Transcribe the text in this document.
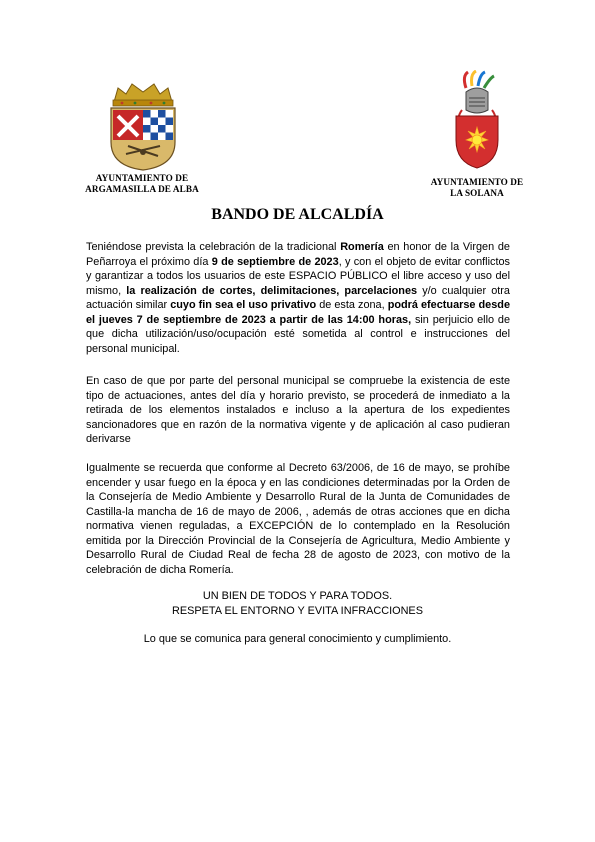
AYUNTAMIENTO DE
ARGAMASILLA DE ALBA
AYUNTAMIENTO DE
LA SOLANA
BANDO DE ALCALDÍA
Teniéndose prevista la celebración de la tradicional Romería en honor de la Virgen de Peñarroya el próximo día 9 de septiembre de 2023, y con el objeto de evitar conflictos y garantizar a todos los usuarios de este ESPACIO PÚBLICO el libre acceso y uso del mismo, la realización de cortes, delimitaciones, parcelaciones y/o cualquier otra actuación similar cuyo fin sea el uso privativo de esta zona, podrá efectuarse desde el jueves 7 de septiembre de 2023 a partir de las 14:00 horas, sin perjuicio ello de que dicha utilización/uso/ocupación esté sometida al control e instrucciones del personal municipal.
En caso de que por parte del personal municipal se compruebe la existencia de este tipo de actuaciones, antes del día y horario previsto, se procederá de inmediato a la retirada de los elementos instalados e incluso a la apertura de los expedientes sancionadores que en razón de la normativa vigente y de aplicación al caso pudieran derivarse
Igualmente se recuerda que conforme al Decreto 63/2006, de 16 de mayo, se prohíbe encender y usar fuego en la época y en las condiciones determinadas por la Orden de la Consejería de Medio Ambiente y Desarrollo Rural de la Junta de Comunidades de Castilla-la mancha de 16 de mayo de 2006, , además de otras acciones que en dicha normativa vienen reguladas, a EXCEPCIÓN de lo contemplado en la Resolución emitida por la Dirección Provincial de la Consejería de Agricultura, Medio Ambiente y Desarrollo Rural de Ciudad Real de fecha 28 de agosto de 2023, con motivo de la celebración de dicha Romería.
UN BIEN DE TODOS Y PARA TODOS.
RESPETA EL ENTORNO Y EVITA INFRACCIONES
Lo que se comunica para general conocimiento y cumplimiento.
